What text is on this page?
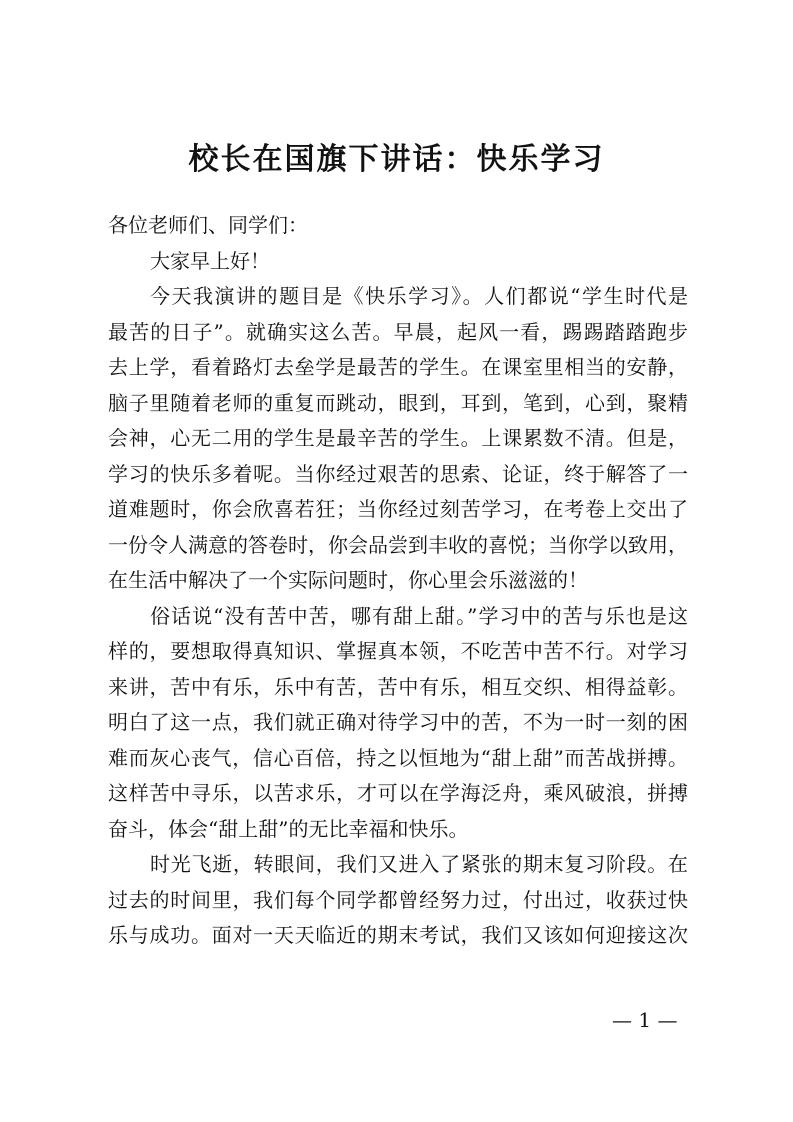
校长在国旗下讲话：快乐学习
各位老师们、同学们：
大家早上好！
今天我演讲的题目是《快乐学习》。人们都说“学生时代是
最苦的日子”。就确实这么苦。早晨，起风一看，踢踢踏踏跑步
去上学，看着路灯去垒学是最苦的学生。在课室里相当的安静，
脑子里随着老师的重复而跳动，眼到，耳到，笔到，心到，聚精
会神，心无二用的学生是最辛苦的学生。上课累数不清。但是，
学习的快乐多着呢。当你经过艰苦的思索、论证，终于解答了一
道难题时，你会欣喜若狂；当你经过刻苦学习，在考卷上交出了
一份令人满意的答卷时，你会品尝到丰收的喜悦；当你学以致用，
在生活中解决了一个实际问题时，你心里会乐滋滋的！
俗话说“没有苦中苦，哪有甜上甜。”学习中的苦与乐也是这
样的，要想取得真知识、掌握真本领，不吃苦中苦不行。对学习
来讲，苦中有乐，乐中有苦，苦中有乐，相互交织、相得益彰。
明白了这一点，我们就正确对待学习中的苦，不为一时一刻的困
难而灰心丧气，信心百倍，持之以恒地为“甜上甜”而苦战拼搏。
这样苦中寻乐，以苦求乐，才可以在学海泛舟，乘风破浪，拼搏
奋斗，体会“甜上甜”的无比幸福和快乐。
时光飞逝，转眼间，我们又进入了紧张的期末复习阶段。在
过去的时间里，我们每个同学都曾经努力过，付出过，收获过快
乐与成功。面对一天天临近的期末考试，我们又该如何迎接这次
— 1 —
